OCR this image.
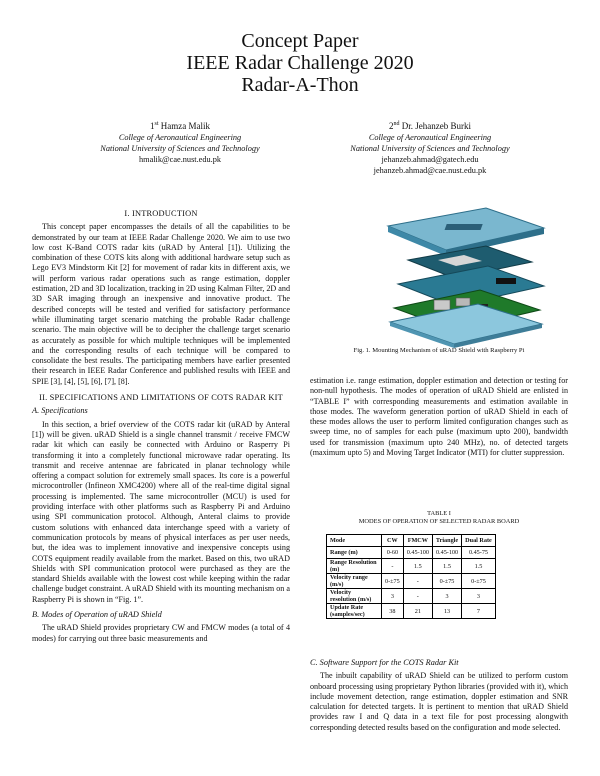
Concept Paper
IEEE Radar Challenge 2020
Radar-A-Thon
1st Hamza Malik
College of Aeronautical Engineering
National University of Sciences and Technology
hmalik@cae.nust.edu.pk
2nd Dr. Jehanzeb Burki
College of Aeronautical Engineering
National University of Sciences and Technology
jehanzeb.ahmad@gatech.edu
jehanzeb.ahmad@cae.nust.edu.pk

I. INTRODUCTION

This concept paper encompasses the details of all the capabilities to be demonstrated by our team at IEEE Radar Challenge 2020. We aim to use two low cost K-Band COTS radar kits (uRAD by Anteral [1]). Utilizing the combination of these COTS kits along with additional hardware setup such as Lego EV3 Mindstorm Kit [2] for movement of radar kits in different axis, we will perform various radar operations such as range estimation, doppler estimation, 2D and 3D localization, tracking in 2D using Kalman Filter, 2D and 3D SAR imaging through an inexpensive and innovative product. The described concepts will be tested and verified for satisfactory performance while illuminating target scenario matching the probable Radar challenge scenario. The main objective will be to decipher the challenge target scenario as accurately as possible for which multiple techniques will be implemented and the corresponding results of each technique will be compared to consolidate the best results. The participating members have earlier presented their research in IEEE Radar Conference and published results with IEEE and SPIE [3], [4], [5], [6], [7], [8].

II. SPECIFICATIONS AND LIMITATIONS OF COTS RADAR KIT

A. Specifications

In this section, a brief overview of the COTS radar kit (uRAD by Anteral [1]) will be given. uRAD Shield is a single channel transmit / receive FMCW radar kit which can easily be connected with Arduino or Rasperry Pi transforming it into a completely functional microwave radar operating. Its transmit and receive antennae are fabricated in planar technology while offering a compact solution for extremely small spaces. Its core is a powerful microcontroller (Infineon XMC4200) where all of the real-time digital signal processing is implemented. The same microcontroller (MCU) is used for providing interface with other platforms such as Raspberry Pi and Arduino using SPI communication protocol. Although, Anteral claims to provide custom solutions with enhanced data interchange speed with a variety of communication protocols by means of physical interfaces as per user needs, but, the idea was to implement innovative and inexpensive concepts using COTS equipment readily available from the market. Based on this, two uRAD Shields with SPI communication protocol were purchased as they are the standard Shields available with the lowest cost while keeping within the radar challenge budget constraint. A uRAD Shield with its mounting mechanism on a Raspberry Pi is shown in “Fig. 1”.

B. Modes of Operation of uRAD Shield

The uRAD Shield provides proprietary CW and FMCW modes (a total of 4 modes) for carrying out three basic measurements and

Fig. 1. Mounting Mechanism of uRAD Shield with Raspberry Pi

estimation i.e. range estimation, doppler estimation and detection or testing for non-null hypothesis. The modes of operation of uRAD Shield are enlisted in “TABLE I” with corresponding measurements and estimation available in those modes. The waveform generation portion of uRAD Shield in each of these modes allows the user to perform limited configuration changes such as sweep time, no of samples for each pulse (maximum upto 200), bandwidth used for transmission (maximum upto 240 MHz), no. of detected targets (maximum upto 5) and Moving Target Indicator (MTI) for clutter suppression.

TABLE I
MODES OF OPERATION OF SELECTED RADAR BOARD
Mode	CW	FMCW	Triangle	Dual Rate
Range (m)	0-60	0.45-100	0.45-100	0.45-75
Range Resolution (m)	-	1.5	1.5	1.5
Velocity range (m/s)	0-±75	-	0-±75	0-±75
Velocity resolution (m/s)	3	-	3	3
Update Rate (samples/sec)	38	21	13	7

C. Software Support for the COTS Radar Kit

The inbuilt capability of uRAD Shield can be utilized to perform custom onboard processing using proprietary Python libraries (provided with it), which include movement detection, range estimation, doppler estimation and SNR calculation for detected targets. It is pertinent to mention that uRAD Shield provides raw I and Q data in a text file for post processing alongwith corresponding detected results based on the configuration and mode selected.
